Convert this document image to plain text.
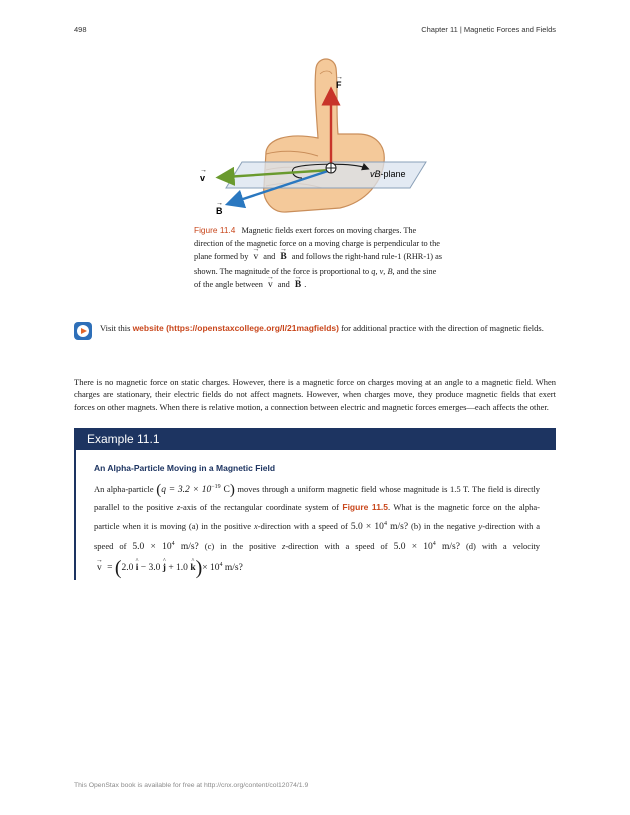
498	Chapter 11 | Magnetic Forces and Fields
F
→
v
→
B
→
vB-plane
Figure 11.4 Magnetic fields exert forces on moving charges. The direction of the magnetic force on a moving charge is perpendicular to the plane formed by → v and → B and follows the right-hand rule-1 (RHR-1) as shown. The magnitude of the force is proportional to q, v, B, and the sine of the angle between → v and → B .
Visit this website (https://openstaxcollege.org/l/21magfields) for additional practice with the direction of magnetic fields.
There is no magnetic force on static charges. However, there is a magnetic force on charges moving at an angle to a magnetic field. When charges are stationary, their electric fields do not affect magnets. However, when charges move, they produce magnetic fields that exert forces on other magnets. When there is relative motion, a connection between electric and magnetic forces emerges—each affects the other.
Example 11.1

An Alpha-Particle Moving in a Magnetic Field

An alpha-particle ($q = 3.2 \times 10^{-19}$ C) moves through a uniform magnetic field whose magnitude is 1.5 T. The field is directly parallel to the positive z-axis of the rectangular coordinate system of Figure 11.5. What is the magnetic force on the alpha-particle when it is moving (a) in the positive x-direction with a speed of $5.0 \times 10^4$ m/s? (b) in the negative y-direction with a speed of $5.0 \times 10^4$ m/s? (c) in the positive z-direction with a speed of $5.0 \times 10^4$ m/s? (d) with a velocity → v = (2.0 ^ i − 3.0 ^ j + 1.0 ^ $k)\times 10^4$ m/s?

This OpenStax book is available for free at http://cnx.org/content/col12074/1.9
